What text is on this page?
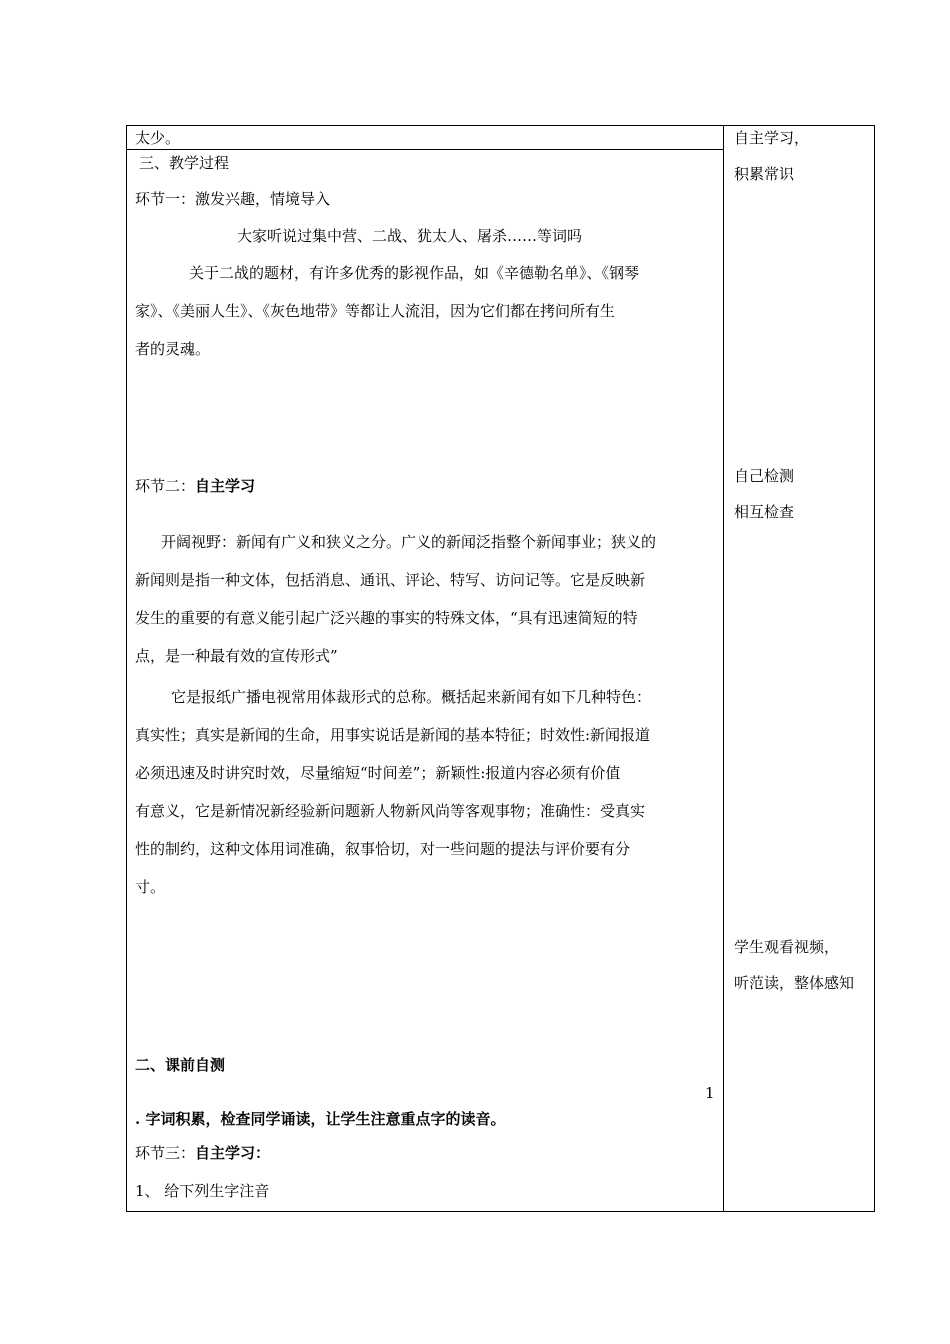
太少。
三、教学过程
环节一：激发兴趣，情境导入
大家听说过集中营、二战、犹太人、屠杀……等词吗
关于二战的题材，有许多优秀的影视作品，如《辛德勒名单》、《钢琴
家》、《美丽人生》、《灰色地带》等都让人流泪，因为它们都在拷问所有生
者的灵魂。
环节二：自主学习
开阔视野：新闻有广义和狭义之分。广义的新闻泛指整个新闻事业；狭义的
新闻则是指一种文体，包括消息、通讯、评论、特写、访问记等。它是反映新
发生的重要的有意义能引起广泛兴趣的事实的特殊文体，“具有迅速简短的特
点，是一种最有效的宣传形式”
它是报纸广播电视常用体裁形式的总称。概括起来新闻有如下几种特色：
真实性；真实是新闻的生命，用事实说话是新闻的基本特征；时效性:新闻报道
必须迅速及时讲究时效，尽量缩短“时间差”；新颖性:报道内容必须有价值
有意义，它是新情况新经验新问题新人物新风尚等客观事物；准确性：受真实
性的制约，这种文体用词准确，叙事恰切，对一些问题的提法与评价要有分
寸。
二、课前自测
1
. 字词积累，检查同学诵读，让学生注意重点字的读音。
环节三：自主学习：
1、 给下列生字注音
自主学习，
积累常识
自己检测
相互检查
学生观看视频，
听范读，整体感知
